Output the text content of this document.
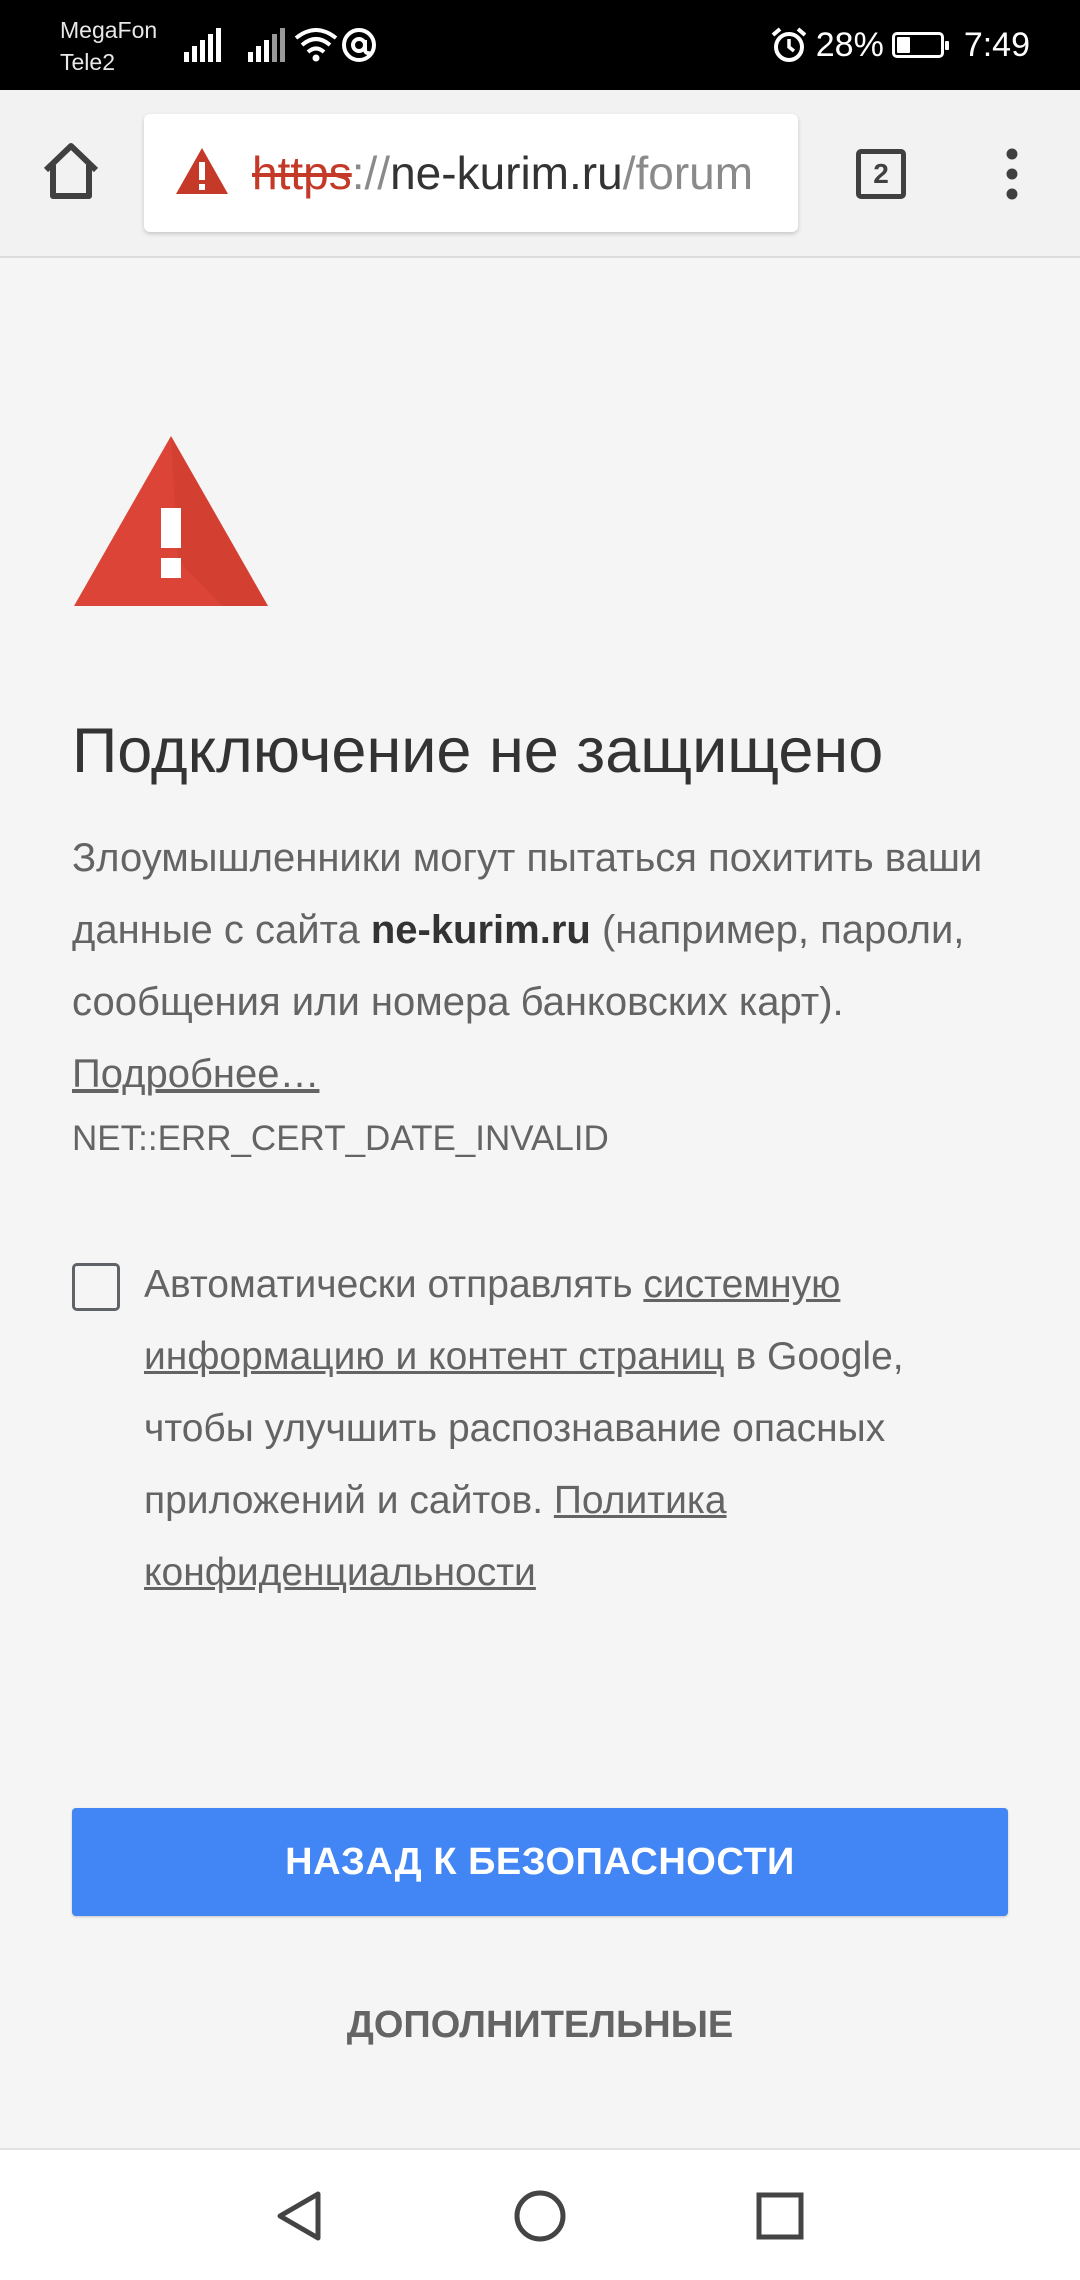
MegaFon
Tele2	28% 7:49
https://ne-kurim.ru/forum	2
Подключение не защищено

Злоумышленники могут пытаться похитить ваши данные с сайта ne-kurim.ru (например, пароли, сообщения или номера банковских карт). Подробнее…

NET::ERR_CERT_DATE_INVALID

Автоматически отправлять системную информацию и контент страниц в Google, чтобы улучшить распознавание опасных приложений и сайтов. Политика конфиденциальности

НАЗАД К БЕЗОПАСНОСТИ
ДОПОЛНИТЕЛЬНЫЕ
